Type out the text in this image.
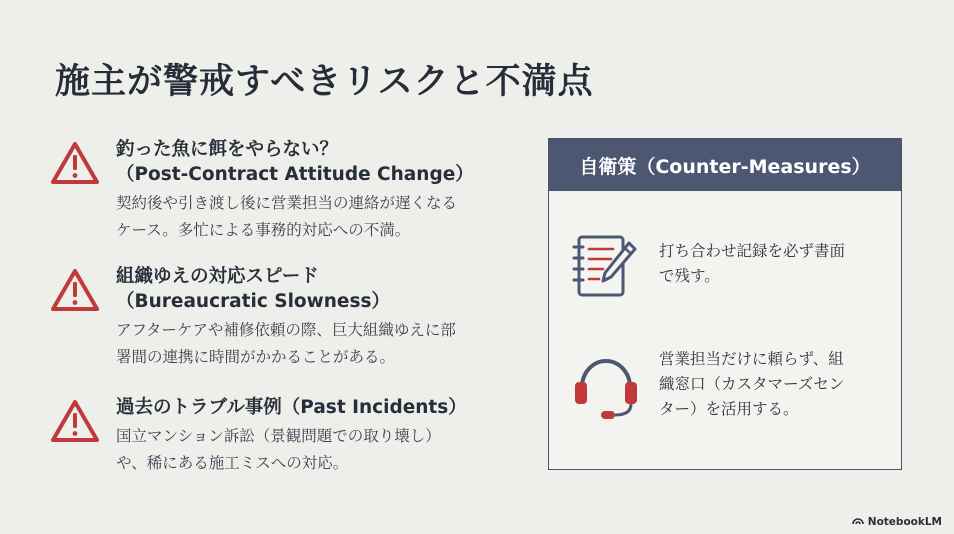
施主が警戒すべきリスクと不満点
釣った魚に餌をやらない？
（Post-Contract Attitude Change）
契約後や引き渡し後に営業担当の連絡が遅くなる
ケース。多忙による事務的対応への不満。
組織ゆえの対応スピード
（Bureaucratic Slowness）
アフターケアや補修依頼の際、巨大組織ゆえに部
署間の連携に時間がかかることがある。
過去のトラブル事例（Past Incidents）
国立マンション訴訟（景観問題での取り壊し）
や、稀にある施工ミスへの対応。
自衛策（Counter-Measures）
打ち合わせ記録を必ず書面
で残す。
営業担当だけに頼らず、組
織窓口（カスタマーズセン
ター）を活用する。
NotebookLM
